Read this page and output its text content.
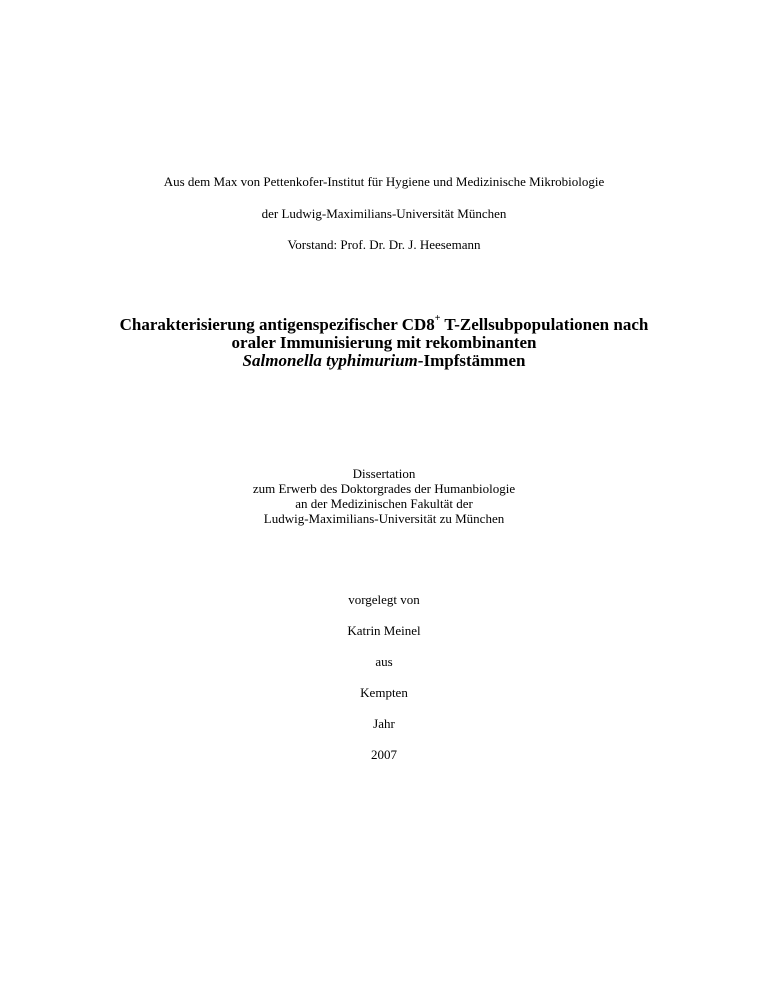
Aus dem Max von Pettenkofer-Institut für Hygiene und Medizinische Mikrobiologie
der Ludwig-Maximilians-Universität München
Vorstand: Prof. Dr. Dr. J. Heesemann
Charakterisierung antigenspezifischer CD8+ T-Zellsubpopulationen nach
oraler Immunisierung mit rekombinanten
Salmonella typhimurium-Impfstämmen
Dissertation
zum Erwerb des Doktorgrades der Humanbiologie
an der Medizinischen Fakultät der
Ludwig-Maximilians-Universität zu München
vorgelegt von
Katrin Meinel
aus
Kempten
Jahr
2007
